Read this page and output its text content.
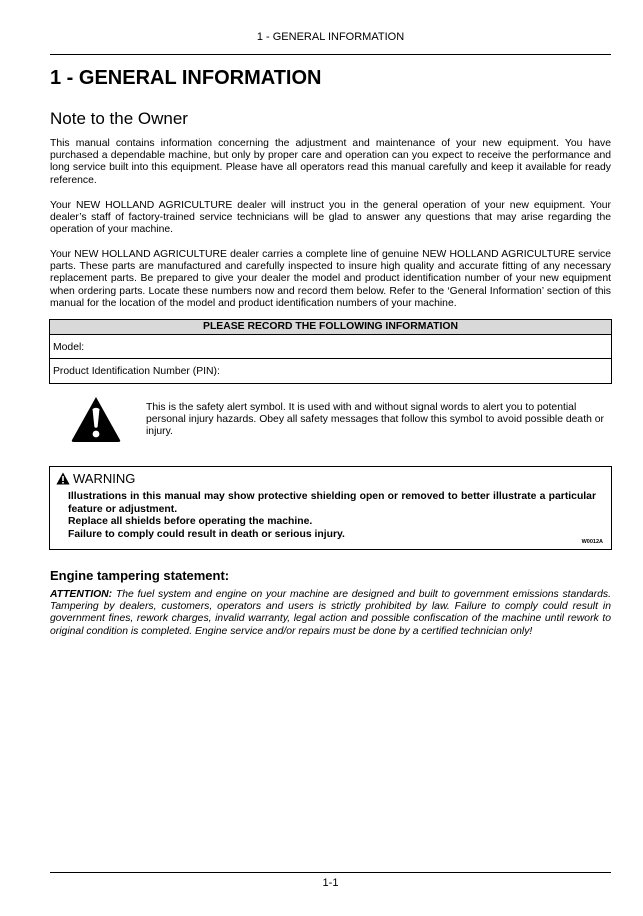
1 - GENERAL INFORMATION
1 - GENERAL INFORMATION
Note to the Owner

This manual contains information concerning the adjustment and maintenance of your new equipment. You have purchased a dependable machine, but only by proper care and operation can you expect to receive the performance and long service built into this equipment. Please have all operators read this manual carefully and keep it available for ready reference.

Your NEW HOLLAND AGRICULTURE dealer will instruct you in the general operation of your new equipment. Your dealer’s staff of factory-trained service technicians will be glad to answer any questions that may arise regarding the operation of your machine.

Your NEW HOLLAND AGRICULTURE dealer carries a complete line of genuine NEW HOLLAND AGRICULTURE service parts. These parts are manufactured and carefully inspected to insure high quality and accurate fitting of any necessary replacement parts. Be prepared to give your dealer the model and product identification number of your new equipment when ordering parts. Locate these numbers now and record them below. Refer to the ‘General Information’ section of this manual for the location of the model and product identification numbers of your machine.

PLEASE RECORD THE FOLLOWING INFORMATION
Model:
Product Identification Number (PIN):

This is the safety alert symbol. It is used with and without signal words to alert you to potential personal injury hazards. Obey all safety messages that follow this symbol to avoid possible death or injury.

WARNING

Illustrations in this manual may show protective shielding open or removed to better illustrate a particular feature or adjustment.

Replace all shields before operating the machine.

Failure to comply could result in death or serious injury.

W0012A
Engine tampering statement:

ATTENTION: The fuel system and engine on your machine are designed and built to government emissions standards. Tampering by dealers, customers, operators and users is strictly prohibited by law. Failure to comply could result in government fines, rework charges, invalid warranty, legal action and possible confiscation of the machine until rework to original condition is completed. Engine service and/or repairs must be done by a certified technician only!

1-1
